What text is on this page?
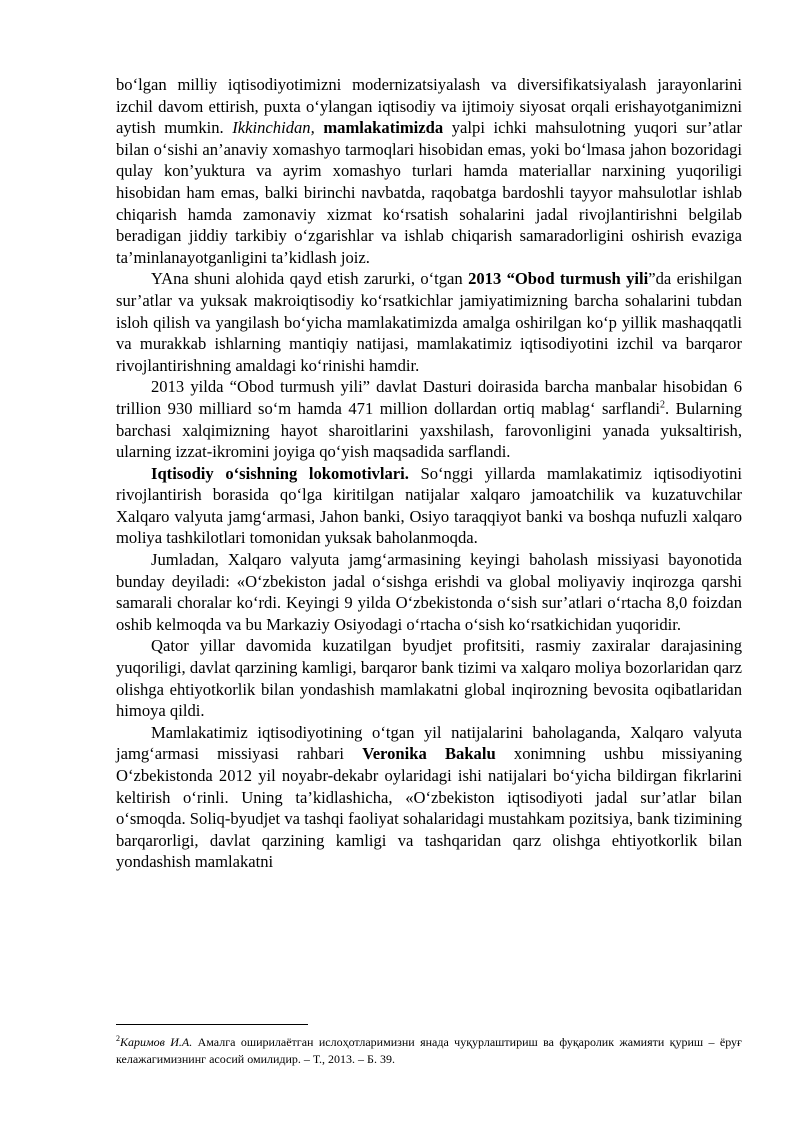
bo‘lgan milliy iqtisodiyotimizni modernizatsiyalash va diversifikatsiyalash jarayonlarini izchil davom ettirish, puxta o‘ylangan iqtisodiy va ijtimoiy siyosat orqali erishayotganimizni aytish mumkin. Ikkinchidan, mamlakatimizda yalpi ichki mahsulotning yuqori sur’atlar bilan o‘sishi an’anaviy xomashyo tarmoqlari hisobidan emas, yoki bo‘lmasa jahon bozoridagi qulay kon’yuktura va ayrim xomashyo turlari hamda materiallar narxining yuqoriligi hisobidan ham emas, balki birinchi navbatda, raqobatga bardoshli tayyor mahsulotlar ishlab chiqarish hamda zamonaviy xizmat ko‘rsatish sohalarini jadal rivojlantirishni belgilab beradigan jiddiy tarkibiy o‘zgarishlar va ishlab chiqarish samaradorligini oshirish evaziga ta’minlanayotganligini ta’kidlash joiz.

YAna shuni alohida qayd etish zarurki, o‘tgan 2013 “Obod turmush yili”da erishilgan sur’atlar va yuksak makroiqtisodiy ko‘rsatkichlar jamiyatimizning barcha sohalarini tubdan isloh qilish va yangilash bo‘yicha mamlakatimizda amalga oshirilgan ko‘p yillik mashaqqatli va murakkab ishlarning mantiqiy natijasi, mamlakatimiz iqtisodiyotini izchil va barqaror rivojlantirishning amaldagi ko‘rinishi hamdir.

2013 yilda “Obod turmush yili” davlat Dasturi doirasida barcha manbalar hisobidan 6 trillion 930 milliard so‘m hamda 471 million dollardan ortiq mablag‘ sarflandi$^2$. Bularning barchasi xalqimizning hayot sharoitlarini yaxshilash, farovonligini yanada yuksaltirish, ularning izzat-ikromini joyiga qo‘yish maqsadida sarflandi.

Iqtisodiy o‘sishning lokomotivlari. So‘nggi yillarda mamlakatimiz iqtisodiyotini rivojlantirish borasida qo‘lga kiritilgan natijalar xalqaro jamoatchilik va kuzatuvchilar Xalqaro valyuta jamg‘armasi, Jahon banki, Osiyo taraqqiyot banki va boshqa nufuzli xalqaro moliya tashkilotlari tomonidan yuksak baholanmoqda.

Jumladan, Xalqaro valyuta jamg‘armasining keyingi baholash missiyasi bayonotida bunday deyiladi: «O‘zbekiston jadal o‘sishga erishdi va global moliyaviy inqirozga qarshi samarali choralar ko‘rdi. Keyingi 9 yilda O‘zbekistonda o‘sish sur’atlari o‘rtacha 8,0 foizdan oshib kelmoqda va bu Markaziy Osiyodagi o‘rtacha o‘sish ko‘rsatkichidan yuqoridir.

Qator yillar davomida kuzatilgan byudjet profitsiti, rasmiy zaxiralar darajasining yuqoriligi, davlat qarzining kamligi, barqaror bank tizimi va xalqaro moliya bozorlaridan qarz olishga ehtiyotkorlik bilan yondashish mamlakatni global inqirozning bevosita oqibatlaridan himoya qildi.

Mamlakatimiz iqtisodiyotining o‘tgan yil natijalarini baholaganda, Xalqaro valyuta jamg‘armasi missiyasi rahbari Veronika Bakalu xonimning ushbu missiyaning O‘zbekistonda 2012 yil noyabr-dekabr oylaridagi ishi natijalari bo‘yicha bildirgan fikrlarini keltirish o‘rinli. Uning ta’kidlashicha, «O‘zbekiston iqtisodiyoti jadal sur’atlar bilan o‘smoqda. Soliq-byudjet va tashqi faoliyat sohalaridagi mustahkam pozitsiya, bank tizimining barqarorligi, davlat qarzining kamligi va tashqaridan qarz olishga ehtiyotkorlik bilan yondashish mamlakatni

$^2$Каримов И.А. Амалга оширилаётган ислоҳотларимизни янада чуқурлаштириш ва фуқаролик жамияти қуриш – ёруғ келажагимизнинг асосий омилидир. – Т., 2013. – Б. 39.
